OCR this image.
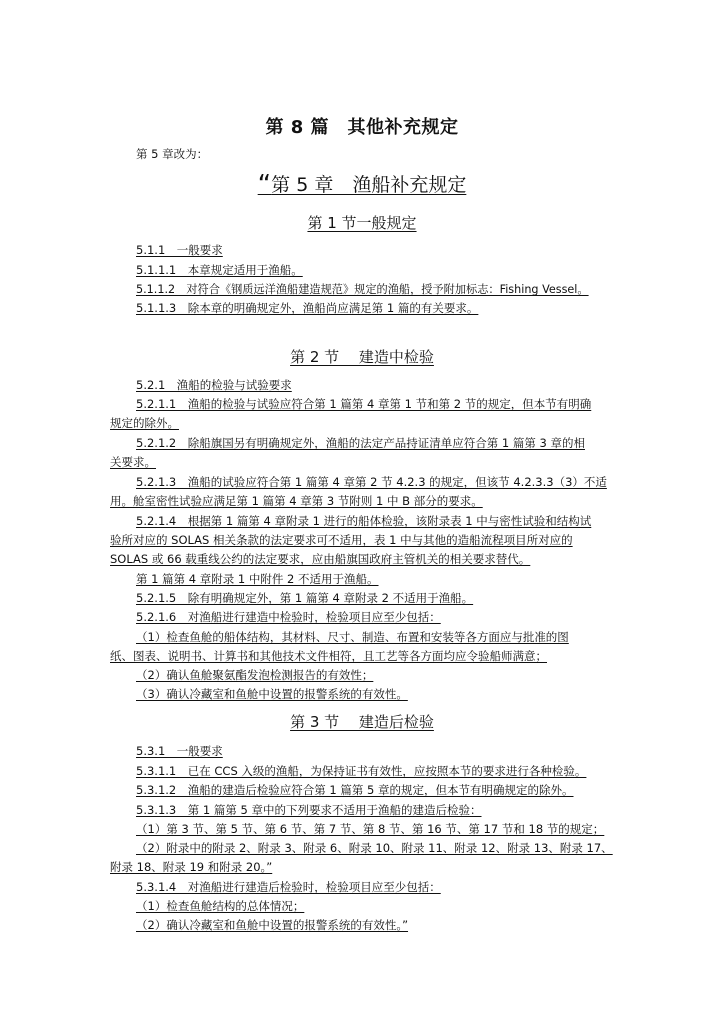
第 8 篇　其他补充规定
第 5 章改为：
“第 5 章　渔船补充规定
第 1 节一般规定
5.1.1　一般要求
5.1.1.1　本章规定适用于渔船。
5.1.1.2　对符合《钢质远洋渔船建造规范》规定的渔船，授予附加标志：Fishing Vessel。
5.1.1.3　除本章的明确规定外，渔船尚应满足第 1 篇的有关要求。
第 2 节　 建造中检验
5.2.1　渔船的检验与试验要求
5.2.1.1　渔船的检验与试验应符合第 1 篇第 4 章第 1 节和第 2 节的规定，但本节有明确
规定的除外。
5.2.1.2　除船旗国另有明确规定外，渔船的法定产品持证清单应符合第 1 篇第 3 章的相
关要求。
5.2.1.3　渔船的试验应符合第 1 篇第 4 章第 2 节 4.2.3 的规定，但该节 4.2.3.3（3）不适
用。舱室密性试验应满足第 1 篇第 4 章第 3 节附则 1 中 B 部分的要求。
5.2.1.4　根据第 1 篇第 4 章附录 1 进行的船体检验，该附录表 1 中与密性试验和结构试
验所对应的 SOLAS 相关条款的法定要求可不适用，表 1 中与其他的造船流程项目所对应的
SOLAS 或 66 载重线公约的法定要求，应由船旗国政府主管机关的相关要求替代。
第 1 篇第 4 章附录 1 中附件 2 不适用于渔船。
5.2.1.5　除有明确规定外，第 1 篇第 4 章附录 2 不适用于渔船。
5.2.1.6　对渔船进行建造中检验时，检验项目应至少包括：
（1）检查鱼舱的船体结构，其材料、尺寸、制造、布置和安装等各方面应与批准的图
纸、图表、说明书、计算书和其他技术文件相符，且工艺等各方面均应令验船师满意；
（2）确认鱼舱聚氨酯发泡检测报告的有效性；
（3）确认冷藏室和鱼舱中设置的报警系统的有效性。
第 3 节　 建造后检验
5.3.1　一般要求
5.3.1.1　已在 CCS 入级的渔船，为保持证书有效性，应按照本节的要求进行各种检验。
5.3.1.2　渔船的建造后检验应符合第 1 篇第 5 章的规定，但本节有明确规定的除外。
5.3.1.3　第 1 篇第 5 章中的下列要求不适用于渔船的建造后检验：
（1）第 3 节、第 5 节、第 6 节、第 7 节、第 8 节、第 16 节、第 17 节和 18 节的规定；
（2）附录中的附录 2、附录 3、附录 6、附录 10、附录 11、附录 12、附录 13、附录 17、
附录 18、附录 19 和附录 20。”
5.3.1.4　对渔船进行建造后检验时，检验项目应至少包括：
（1）检查鱼舱结构的总体情况；
（2）确认冷藏室和鱼舱中设置的报警系统的有效性。”
